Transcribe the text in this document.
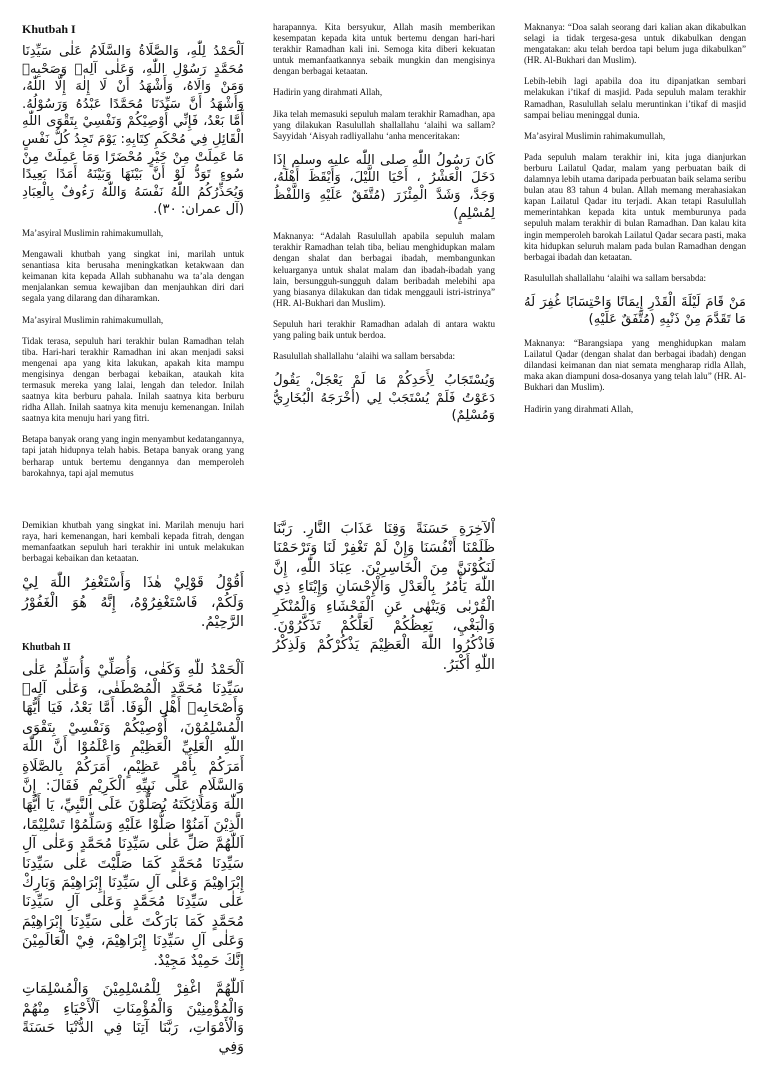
Khutbah I
اَلْحَمْدُ لِلّٰهِ، وَالصَّلَاةُ وَالسَّلَامُ عَلٰى سَيِّدِنَا مُحَمَّدٍ رَسُوْلِ اللّٰهِ، وَعَلٰى آلِهٖ وَصَحْبِهٖ وَمَنْ وَالَاهُ، وَأَشْهَدُ أَنْ لَا إِلٰهَ إِلَّا اللّٰهُ، وَأَشْهَدُ أَنَّ سَيِّدَنَا مُحَمَّدًا عَبْدُهُ وَرَسُوْلُهُ. أَمَّا بَعْدُ، فَإِنِّي أُوْصِيْكُمْ وَنَفْسِيْ بِتَقْوَى اللّٰهِ الْقَائِلِ فِي مُحْكَمِ كِتَابِهِ: يَوْمَ تَجِدُ كُلُّ نَفْسٍ مَا عَمِلَتْ مِنْ خَيْرٍ مُحْضَرًا وَمَا عَمِلَتْ مِنْ سُوءٍ تَوَدُّ لَوْ أَنَّ بَيْنَهَا وَبَيْنَهُ أَمَدًا بَعِيدًا وَيُحَذِّرُكُمُ اللّٰهُ نَفْسَهُ وَاللّٰهُ رَءُوفٌ بِالْعِبَادِ (آل عمران: ٣٠).

Ma’asyiral Muslimin rahimakumullah,

Mengawali khutbah yang singkat ini, marilah untuk senantiasa kita berusaha meningkatkan ketakwaan dan keimanan kita kepada Allah subhanahu wa ta’ala dengan menjalankan semua kewajiban dan menjauhkan diri dari segala yang dilarang dan diharamkan.

Ma’asyiral Muslimin rahimakumullah,

Tidak terasa, sepuluh hari terakhir bulan Ramadhan telah tiba. Hari-hari terakhir Ramadhan ini akan menjadi saksi mengenai apa yang kita lakukan, apakah kita mampu mengisinya dengan berbagai kebaikan, ataukah kita termasuk mereka yang lalai, lengah dan teledor. Inilah saatnya kita berburu pahala. Inilah saatnya kita berburu ridha Allah. Inilah saatnya kita menuju kemenangan. Inilah saatnya kita menuju hari yang fitri.

Betapa banyak orang yang ingin menyambut kedatangannya, tapi jatah hidupnya telah habis. Betapa banyak orang yang berharap untuk bertemu dengannya dan memperoleh barokahnya, tapi ajal memutus

harapannya. Kita bersyukur, Allah masih memberikan kesempatan kepada kita untuk bertemu dengan hari-hari terakhir Ramadhan kali ini. Semoga kita diberi kekuatan untuk memanfaatkannya sebaik mungkin dan mengisinya dengan berbagai ketaatan.

Hadirin yang dirahmati Allah,

Jika telah memasuki sepuluh malam terakhir Ramadhan, apa yang dilakukan Rasulullah shallallahu ‘alaihi wa sallam? Sayyidah ‘Aisyah radliyallahu ‘anha menceritakan:

كَانَ رَسُولُ اللّٰهِ صلى اللّٰه عليه وسلم إِذَا دَخَلَ الْعَشْرُ ، أَحْيَا اللَّيْلَ، وَأَيْقَظَ أَهْلَهُ، وَجَدَّ، وَشَدَّ الْمِئْزَرَ (مُتَّفَقٌ عَلَيْهِ وَاللَّفْظُ لِمُسْلِمٍ)

Maknanya: “Adalah Rasulullah apabila sepuluh malam terakhir Ramadhan telah tiba, beliau menghidupkan malam dengan shalat dan berbagai ibadah, membangunkan keluarganya untuk shalat malam dan ibadah-ibadah yang lain, bersungguh-sungguh dalam beribadah melebihi apa yang biasanya dilakukan dan tidak menggauli istri-istrinya” (HR. Al-Bukhari dan Muslim).

Sepuluh hari terakhir Ramadhan adalah di antara waktu yang paling baik untuk berdoa.

Rasulullah shallallahu ‘alaihi wa sallam bersabda:

وَيُسْتَجَابُ لِأَحَدِكُمْ مَا لَمْ يَعْجَلْ، يَقُولُ دَعَوْتُ فَلَمْ يُسْتَجَبْ لِي (أَخْرَجَهُ الْبُخَارِيُّ وَمُسْلِمٌ)

Maknanya: “Doa salah seorang dari kalian akan dikabulkan selagi ia tidak tergesa-gesa untuk dikabulkan dengan mengatakan: aku telah berdoa tapi belum juga dikabulkan” (HR. Al-Bukhari dan Muslim).

Lebih-lebih lagi apabila doa itu dipanjatkan sembari melakukan i’tikaf di masjid. Pada sepuluh malam terakhir Ramadhan, Rasulullah selalu meruntinkan i’tikaf di masjid sampai beliau meninggal dunia.

Ma’asyiral Muslimin rahimakumullah,

Pada sepuluh malam terakhir ini, kita juga dianjurkan berburu Lailatul Qadar, malam yang perbuatan baik di dalamnya lebih utama daripada perbuatan baik selama seribu bulan atau 83 tahun 4 bulan. Allah memang merahasiakan kapan Lailatul Qadar itu terjadi. Akan tetapi Rasulullah memerintahkan kepada kita untuk memburunya pada sepuluh malam terakhir di bulan Ramadhan. Dan kalau kita ingin memperoleh barokah Lailatul Qadar secara pasti, maka kita hidupkan seluruh malam pada bulan Ramadhan dengan berbagai ibadah dan ketaatan.

Rasulullah shallallahu ‘alaihi wa sallam bersabda:

مَنْ قَامَ لَيْلَةَ الْقَدْرِ إِيمَانًا وَاحْتِسَابًا غُفِرَ لَهُ مَا تَقَدَّمَ مِنْ ذَنْبِهِ (مُتَّفَقٌ عَلَيْهِ)

Maknanya: “Barangsiapa yang menghidupkan malam Lailatul Qadar (dengan shalat dan berbagai ibadah) dengan dilandasi keimanan dan niat semata mengharap ridla Allah, maka akan diampuni dosa-dosanya yang telah lalu” (HR. Al-Bukhari dan Muslim).

Hadirin yang dirahmati Allah,

Demikian khutbah yang singkat ini. Marilah menuju hari raya, hari kemenangan, hari kembali kepada fitrah, dengan memanfaatkan sepuluh hari terakhir ini untuk melakukan berbagai kebaikan dan ketaatan.

أَقُوْلُ قَوْلِيْ هٰذَا وَأَسْتَغْفِرُ اللّٰهَ لِيْ وَلَكُمْ، فَاسْتَغْفِرُوْهُ، إِنَّهُ هُوَ الْغَفُوْرُ الرَّحِيْمُ.
Khutbah II
اَلْحَمْدُ للّٰهِ وَكَفٰى، وَأُصَلِّيْ وَأُسَلِّمُ عَلٰى سَيِّدِنَا مُحَمَّدٍ الْمُصْطَفٰى، وَعَلٰى آلِهٖ وَأَصْحَابِهٖ أَهْلِ الْوَفَا. أَمَّا بَعْدُ، فَيَا أَيُّهَا الْمُسْلِمُوْنَ، أُوْصِيْكُمْ وَنَفْسِيْ بِتَقْوَى اللّٰهِ الْعَلِيِّ الْعَظِيْمِ وَاعْلَمُوْا أَنَّ اللّٰهَ أَمَرَكُمْ بِأَمْرٍ عَظِيْمٍ، أَمَرَكُمْ بِالصَّلَاةِ وَالسَّلَامِ عَلٰى نَبِيِّهِ الْكَرِيْمِ فَقَالَ: إِنَّ اللّٰهَ وَمَلَائِكَتَهُ يُصَلُّوْنَ عَلَى النَّبِيِّ، يَا أَيُّهَا الَّذِيْنَ آمَنُوْا صَلُّوْا عَلَيْهِ وَسَلِّمُوْا تَسْلِيْمًا، اَللّٰهُمَّ صَلِّ عَلٰى سَيِّدِنَا مُحَمَّدٍ وَعَلٰى آلِ سَيِّدِنَا مُحَمَّدٍ كَمَا صَلَّيْتَ عَلٰى سَيِّدِنَا إِبْرَاهِيْمَ وَعَلٰى آلِ سَيِّدِنَا إِبْرَاهِيْمَ وَبَارِكْ عَلٰى سَيِّدِنَا مُحَمَّدٍ وَعَلٰى آلِ سَيِّدِنَا مُحَمَّدٍ كَمَا بَارَكْتَ عَلٰى سَيِّدِنَا إِبْرَاهِيْمَ وَعَلٰى آلِ سَيِّدِنَا إِبْرَاهِيْمَ، فِيْ الْعَالَمِيْنَ إِنَّكَ حَمِيْدٌ مَجِيْدٌ.
اَللّٰهُمَّ اغْفِرْ لِلْمُسْلِمِيْنَ وَالْمُسْلِمَاتِ وَالْمُؤْمِنِيْنَ وَالْمُؤْمِنَاتِ اَلْأَحْيَاءِ مِنْهُمْ وَالْأَمْوَاتِ، رَبَّنَا آتِنَا فِي الدُّنْيَا حَسَنَةً وَفِي
اْلآخِرَةِ حَسَنَةً وَقِنَا عَذَابَ النَّارِ. رَبَّنَا ظَلَمْنَا أَنْفُسَنَا وَإِنْ لَمْ تَغْفِرْ لَنَا وَتَرْحَمْنَا لَنَكُوْنَنَّ مِنَ الْخَاسِرِيْنَ. عِبَادَ اللّٰهِ، إِنَّ اللّٰهَ يَأْمُرُ بِالْعَدْلِ وَالْإِحْسَانِ وَإِيْتَاءِ ذِي الْقُرْبٰى وَيَنْهٰى عَنِ الْفَحْشَاءِ وَالْمُنْكَرِ وَالْبَغْيِ، يَعِظُكُمْ لَعَلَّكُمْ تَذَكَّرُوْنَ. فَاذْكُرُوا اللّٰهَ الْعَظِيْمَ يَذْكُرْكُمْ وَلَذِكْرُ اللّٰهِ أَكْبَرُ.
